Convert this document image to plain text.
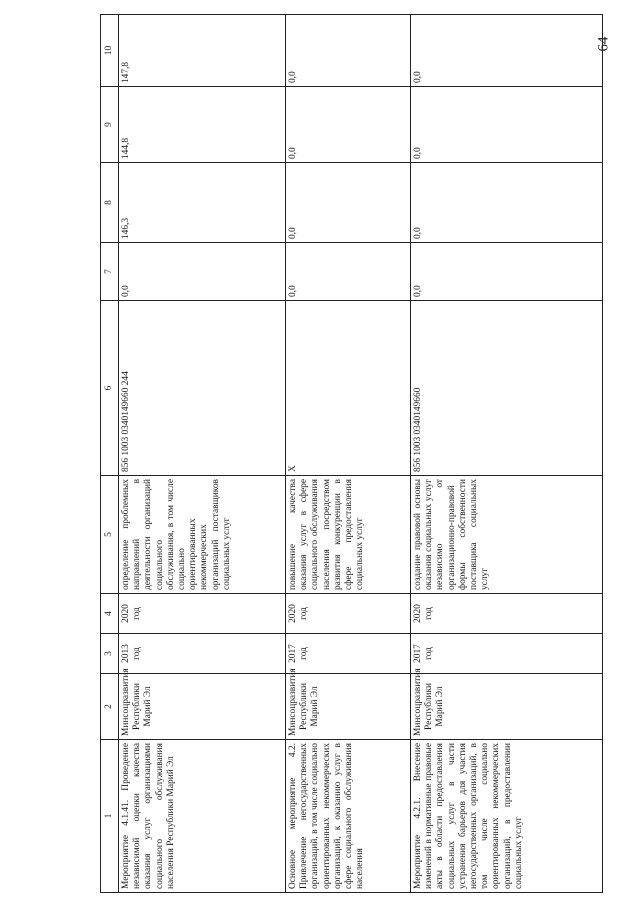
64
1	2	3	4	5	6	7	8	9	10
Мероприятие 4.1.41. Проведение независимой оценки качества оказания услуг организациями социального обслуживания населения Республики Марий Эл	Минсоцразвития Республики Марий Эл	2013 год	2020 год	определение проблемных направлений в деятельности организаций социального обслуживания, в том числе социально ориентированных некоммерческих организаций поставщиков социальных услуг	856 1003 0340149660 244	0,0	146,3	144,8	147,8
Основное мероприятие 4.2. Привлечение негосударственных организаций, в том числе социально ориентированных некоммерческих организаций, к оказанию услуг в сфере социального обслуживания населения	Минсоцразвития Республики Марий Эл	2017 год	2020 год	повышение качества оказания услуг в сфере социального обслуживания населения посредством развития конкуренции в сфере предоставления социальных услуг	X	0,0	0,0	0,0	0,0
Мероприятие 4.2.1. Внесение изменений в нормативные правовые акты в области предоставления социальных услуг в части устранения барьеров для участия негосударственных организаций, в том числе социально ориентированных некоммерческих организаций, в предоставлении социальных услуг	Минсоцразвития Республики Марий Эл	2017 год	2020 год	создание правовой основы оказания социальных услуг независимо от организационно-правовой формы собственности поставщика социальных услуг	856 1003 0340149660	0,0	0,0	0,0	0,0
